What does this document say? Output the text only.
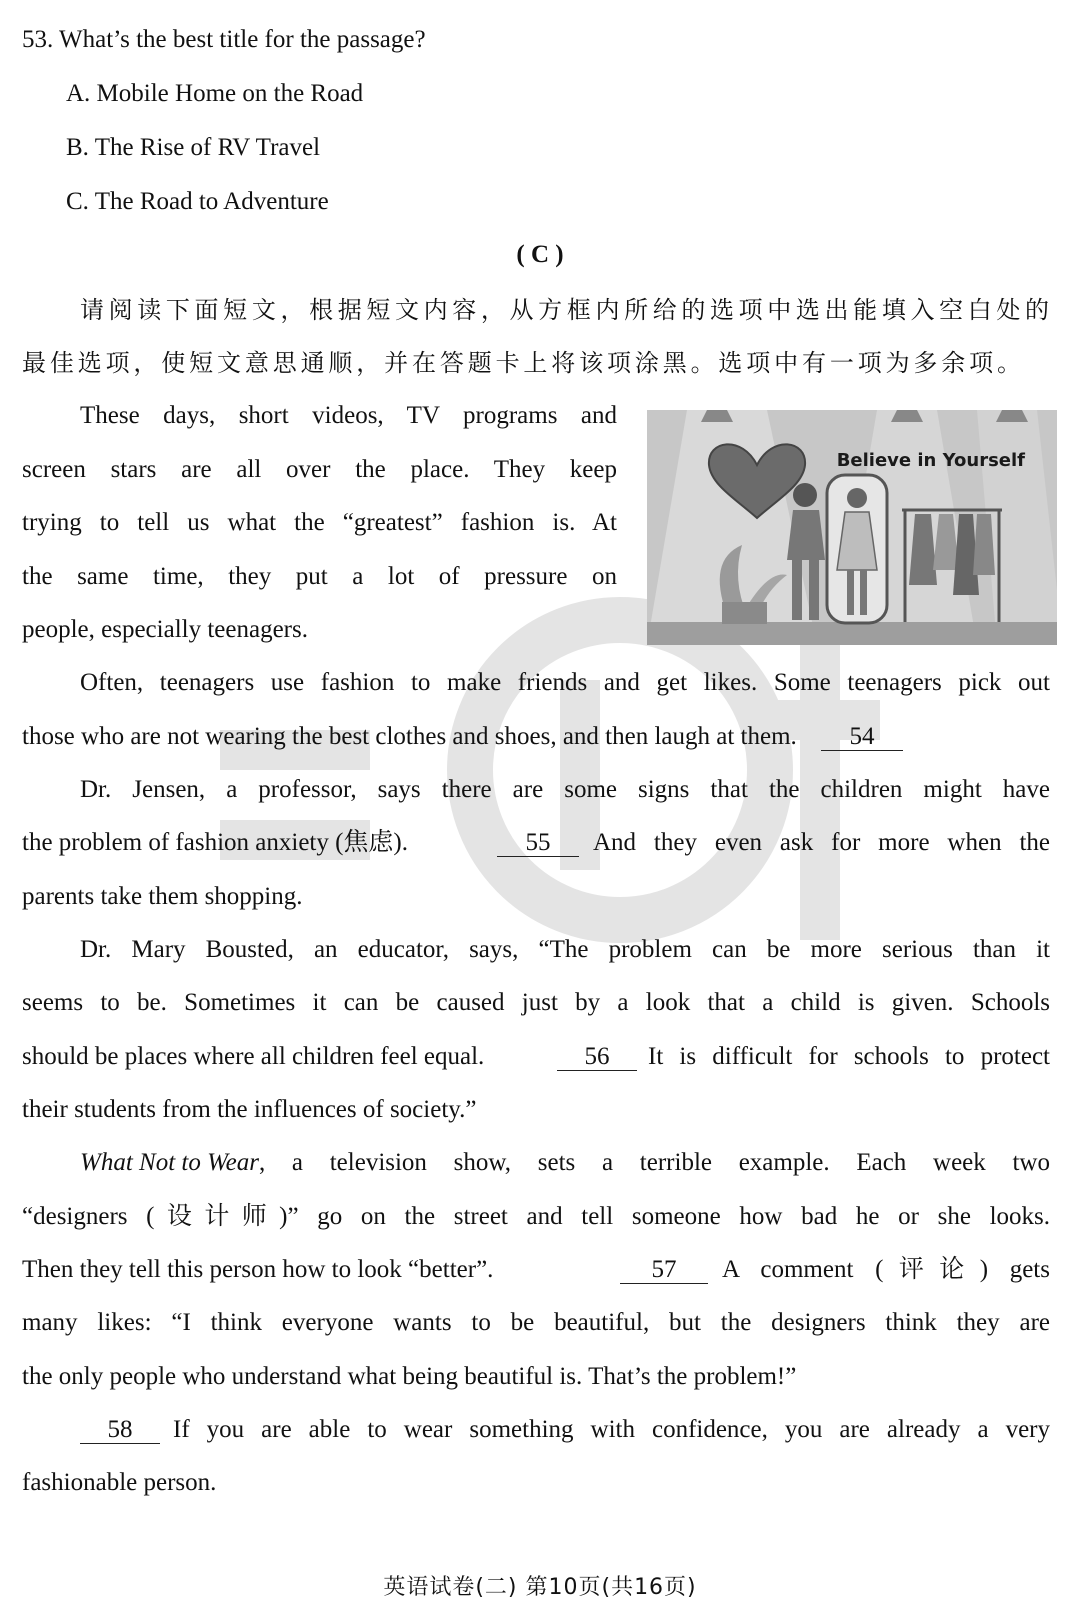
53. What’s the best title for the passage?
A. Mobile Home on the Road
B. The Rise of RV Travel
C. The Road to Adventure
( C )
请阅读下面短文，根据短文内容，从方框内所给的选项中选出能填入空白处的
最佳选项，使短文意思通顺，并在答题卡上将该项涂黑。选项中有一项为多余项。
These days, short videos, TV programs and
screen stars are all over the place. They keep
trying to tell us what the “greatest” fashion is. At
the same time, they put a lot of pressure on
people, especially teenagers.
Believe in Yourself
Often, teenagers use fashion to make friends and get likes. Some teenagers pick out
those who are not wearing the best clothes and shoes, and then laugh at them. 54
Dr. Jensen, a professor, says there are some signs that the children might have
the problem of fashion anxiety (焦虑).	55	And they even ask for more when the
parents take them shopping.
Dr. Mary Bousted, an educator, says, “The problem can be more serious than it
seems to be. Sometimes it can be caused just by a look that a child is given. Schools
should be places where all children feel equal.	56	It is difficult for schools to protect
their students from the influences of society.”
What Not to Wear , a television show, sets a terrible example. Each week two
“designers (设计师)” go on the street and tell someone how bad he or she looks.
Then they tell this person how to look “better”.	57	A comment (评论) gets
many likes: “I think everyone wants to be beautiful, but the designers think they are
the only people who understand what being beautiful is. That’s the problem!”
58	If you are able to wear something with confidence, you are already a very
fashionable person.
英语试卷(二) 第10页(共16页)
